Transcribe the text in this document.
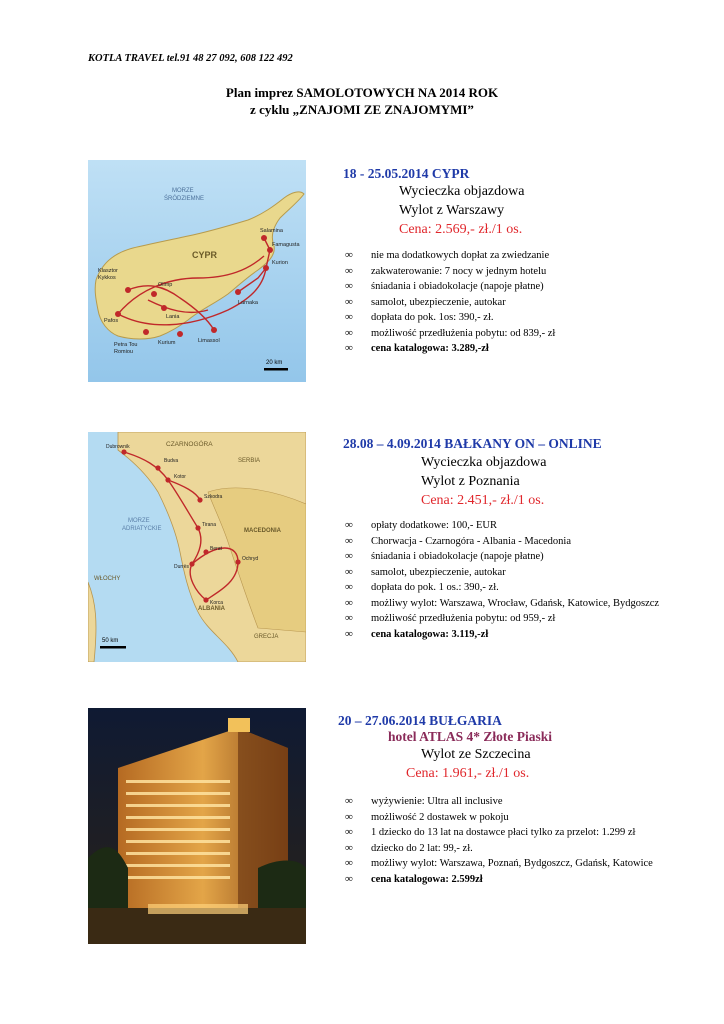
KOTLA TRAVEL tel.91 48 27 092, 608 122 492
Plan imprez SAMOLOTOWYCH NA 2014 ROK
z cyklu „ZNAJOMI ZE ZNAJOMYMI”
MORZE
ŚRÓDZIEMNE
CYPR
Salamina
Famagusta
Kurion
Larnaka
Klasztor
Kykkos
Olimp
Lania
Pafos
Limassol
Petra Tou
Romiou
Kurium
20 km
18 - 25.05.2014 CYPR
Wycieczka objazdowa
Wylot z Warszawy
Cena: 2.569,- zł./1 os.
∞ nie ma dodatkowych dopłat za zwiedzanie
∞ zakwaterowanie: 7 nocy w jednym hotelu
∞ śniadania i obiadokolacje (napoje płatne)
∞ samolot, ubezpieczenie, autokar
∞ dopłata do pok. 1os: 390,- zł.
∞ możliwość przedłużenia pobytu: od 839,- zł
∞ cena katalogowa: 3.289,-zł
CZARNOGÓRA
SERBIA
MACEDONIA
ALBANIA
GRECJA
WŁOCHY
MORZE
ADRIATYCKIE
Dubrownik
Budva
Kotor
Szkodra
Tirana
Durrës
Berat
Ochryd
Korca
50 km
28.08 – 4.09.2014 BAŁKANY ON – ONLINE
Wycieczka objazdowa
Wylot z Poznania
Cena: 2.451,- zł./1 os.
∞ opłaty dodatkowe: 100,- EUR
∞ Chorwacja - Czarnogóra - Albania - Macedonia
∞ śniadania i obiadokolacje (napoje płatne)
∞ samolot, ubezpieczenie, autokar
∞ dopłata do pok. 1 os.: 390,- zł.
∞ możliwy wylot: Warszawa, Wrocław, Gdańsk, Katowice, Bydgoszcz
∞ możliwość przedłużenia pobytu: od 959,- zł
∞ cena katalogowa: 3.119,-zł
20 – 27.06.2014 BUŁGARIA
hotel ATLAS 4* Złote Piaski
Wylot ze Szczecina
Cena: 1.961,- zł./1 os.
∞ wyżywienie: Ultra all inclusive
∞ możliwość 2 dostawek w pokoju
∞ 1 dziecko do 13 lat na dostawce płaci tylko za przelot: 1.299 zł
∞ dziecko do 2 lat: 99,- zł.
∞ możliwy wylot: Warszawa, Poznań, Bydgoszcz, Gdańsk, Katowice
∞ cena katalogowa: 2.599zł
